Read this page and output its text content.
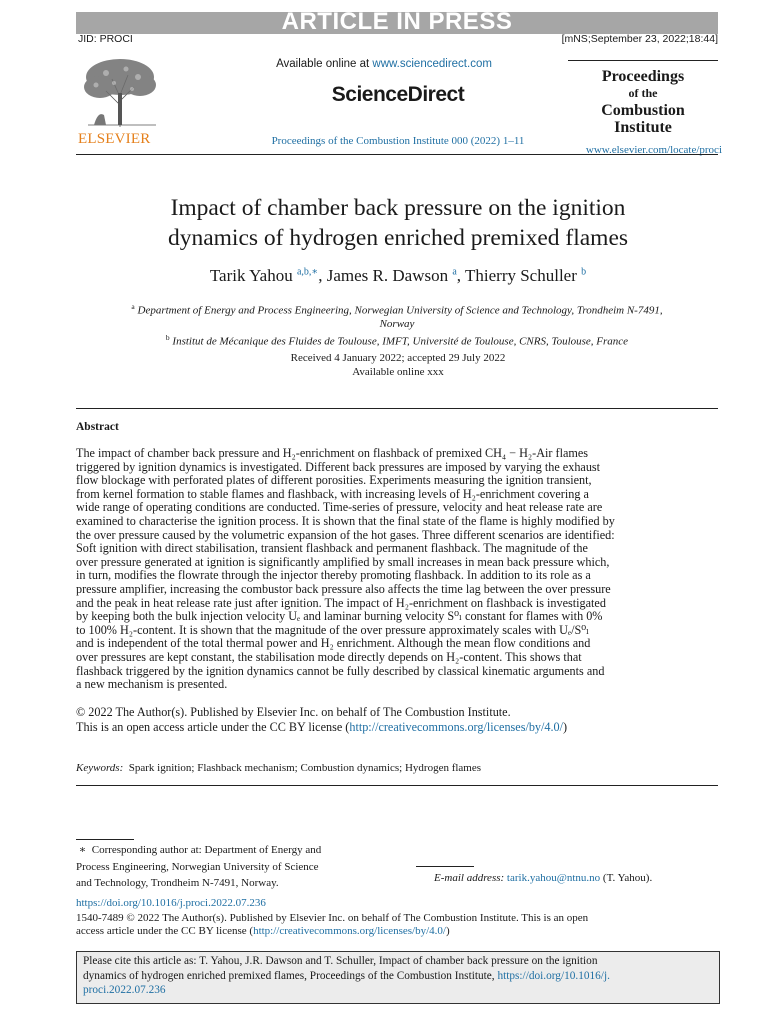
ARTICLE IN PRESS
JID: PROCI	[mNS;September 23, 2022;18:44]
ELSEVIER
Available online at www.sciencedirect.com
ScienceDirect
Proceedings of the Combustion Institute 000 (2022) 1–11
Proceedings
of the
Combustion
Institute
www.elsevier.com/locate/proci
Impact of chamber back pressure on the ignition
dynamics of hydrogen enriched premixed flames
Tarik Yahou $^{a,b,∗}$, James R. Dawson $^a$, Thierry Schuller $^b$
$^a$ Department of Energy and Process Engineering, Norwegian University of Science and Technology, Trondheim N-7491,
Norway
$^b$ Institut de Mécanique des Fluides de Toulouse, IMFT, Université de Toulouse, CNRS, Toulouse, France
Received 4 January 2022; accepted 29 July 2022
Available online xxx
Abstract
The impact of chamber back pressure and H₂-enrichment on flashback of premixed CH₄ − H₂-Air flames
triggered by ignition dynamics is investigated. Different back pressures are imposed by varying the exhaust
flow blockage with perforated plates of different porosities. Experiments measuring the ignition transient,
from kernel formation to stable flames and flashback, with increasing levels of H₂-enrichment covering a
wide range of operating conditions are conducted. Time-series of pressure, velocity and heat release rate are
examined to characterise the ignition process. It is shown that the final state of the flame is highly modified by
the over pressure caused by the volumetric expansion of the hot gases. Three different scenarios are identified:
Soft ignition with direct stabilisation, transient flashback and permanent flashback. The magnitude of the
over pressure generated at ignition is significantly amplified by small increases in mean back pressure which,
in turn, modifies the flowrate through the injector thereby promoting flashback. In addition to its role as a
pressure amplifier, increasing the combustor back pressure also affects the time lag between the over pressure
and the peak in heat release rate just after ignition. The impact of H₂-enrichment on flashback is investigated
by keeping both the bulk injection velocity Uₑ and laminar burning velocity S⁰ₗ constant for flames with 0%
to 100% H₂-content. It is shown that the magnitude of the over pressure approximately scales with Uₑ/S⁰ₗ
and is independent of the total thermal power and H₂ enrichment. Although the mean flow conditions and
over pressures are kept constant, the stabilisation mode directly depends on H₂-content. This shows that
flashback triggered by the ignition dynamics cannot be fully described by classical kinematic arguments and
a new mechanism is presented.
© 2022 The Author(s). Published by Elsevier Inc. on behalf of The Combustion Institute.
This is an open access article under the CC BY license (http://creativecommons.org/licenses/by/4.0/)
Keywords: Spark ignition; Flashback mechanism; Combustion dynamics; Hydrogen flames
∗ Corresponding author at: Department of Energy and
Process Engineering, Norwegian University of Science
and Technology, Trondheim N-7491, Norway.	E-mail address: tarik.yahou@ntnu.no (T. Yahou).
https://doi.org/10.1016/j.proci.2022.07.236
1540-7489 © 2022 The Author(s). Published by Elsevier Inc. on behalf of The Combustion Institute. This is an open
access article under the CC BY license (http://creativecommons.org/licenses/by/4.0/)
Please cite this article as: T. Yahou, J.R. Dawson and T. Schuller, Impact of chamber back pressure on the ignition
dynamics of hydrogen enriched premixed flames, Proceedings of the Combustion Institute, https://doi.org/10.1016/j.
proci.2022.07.236
